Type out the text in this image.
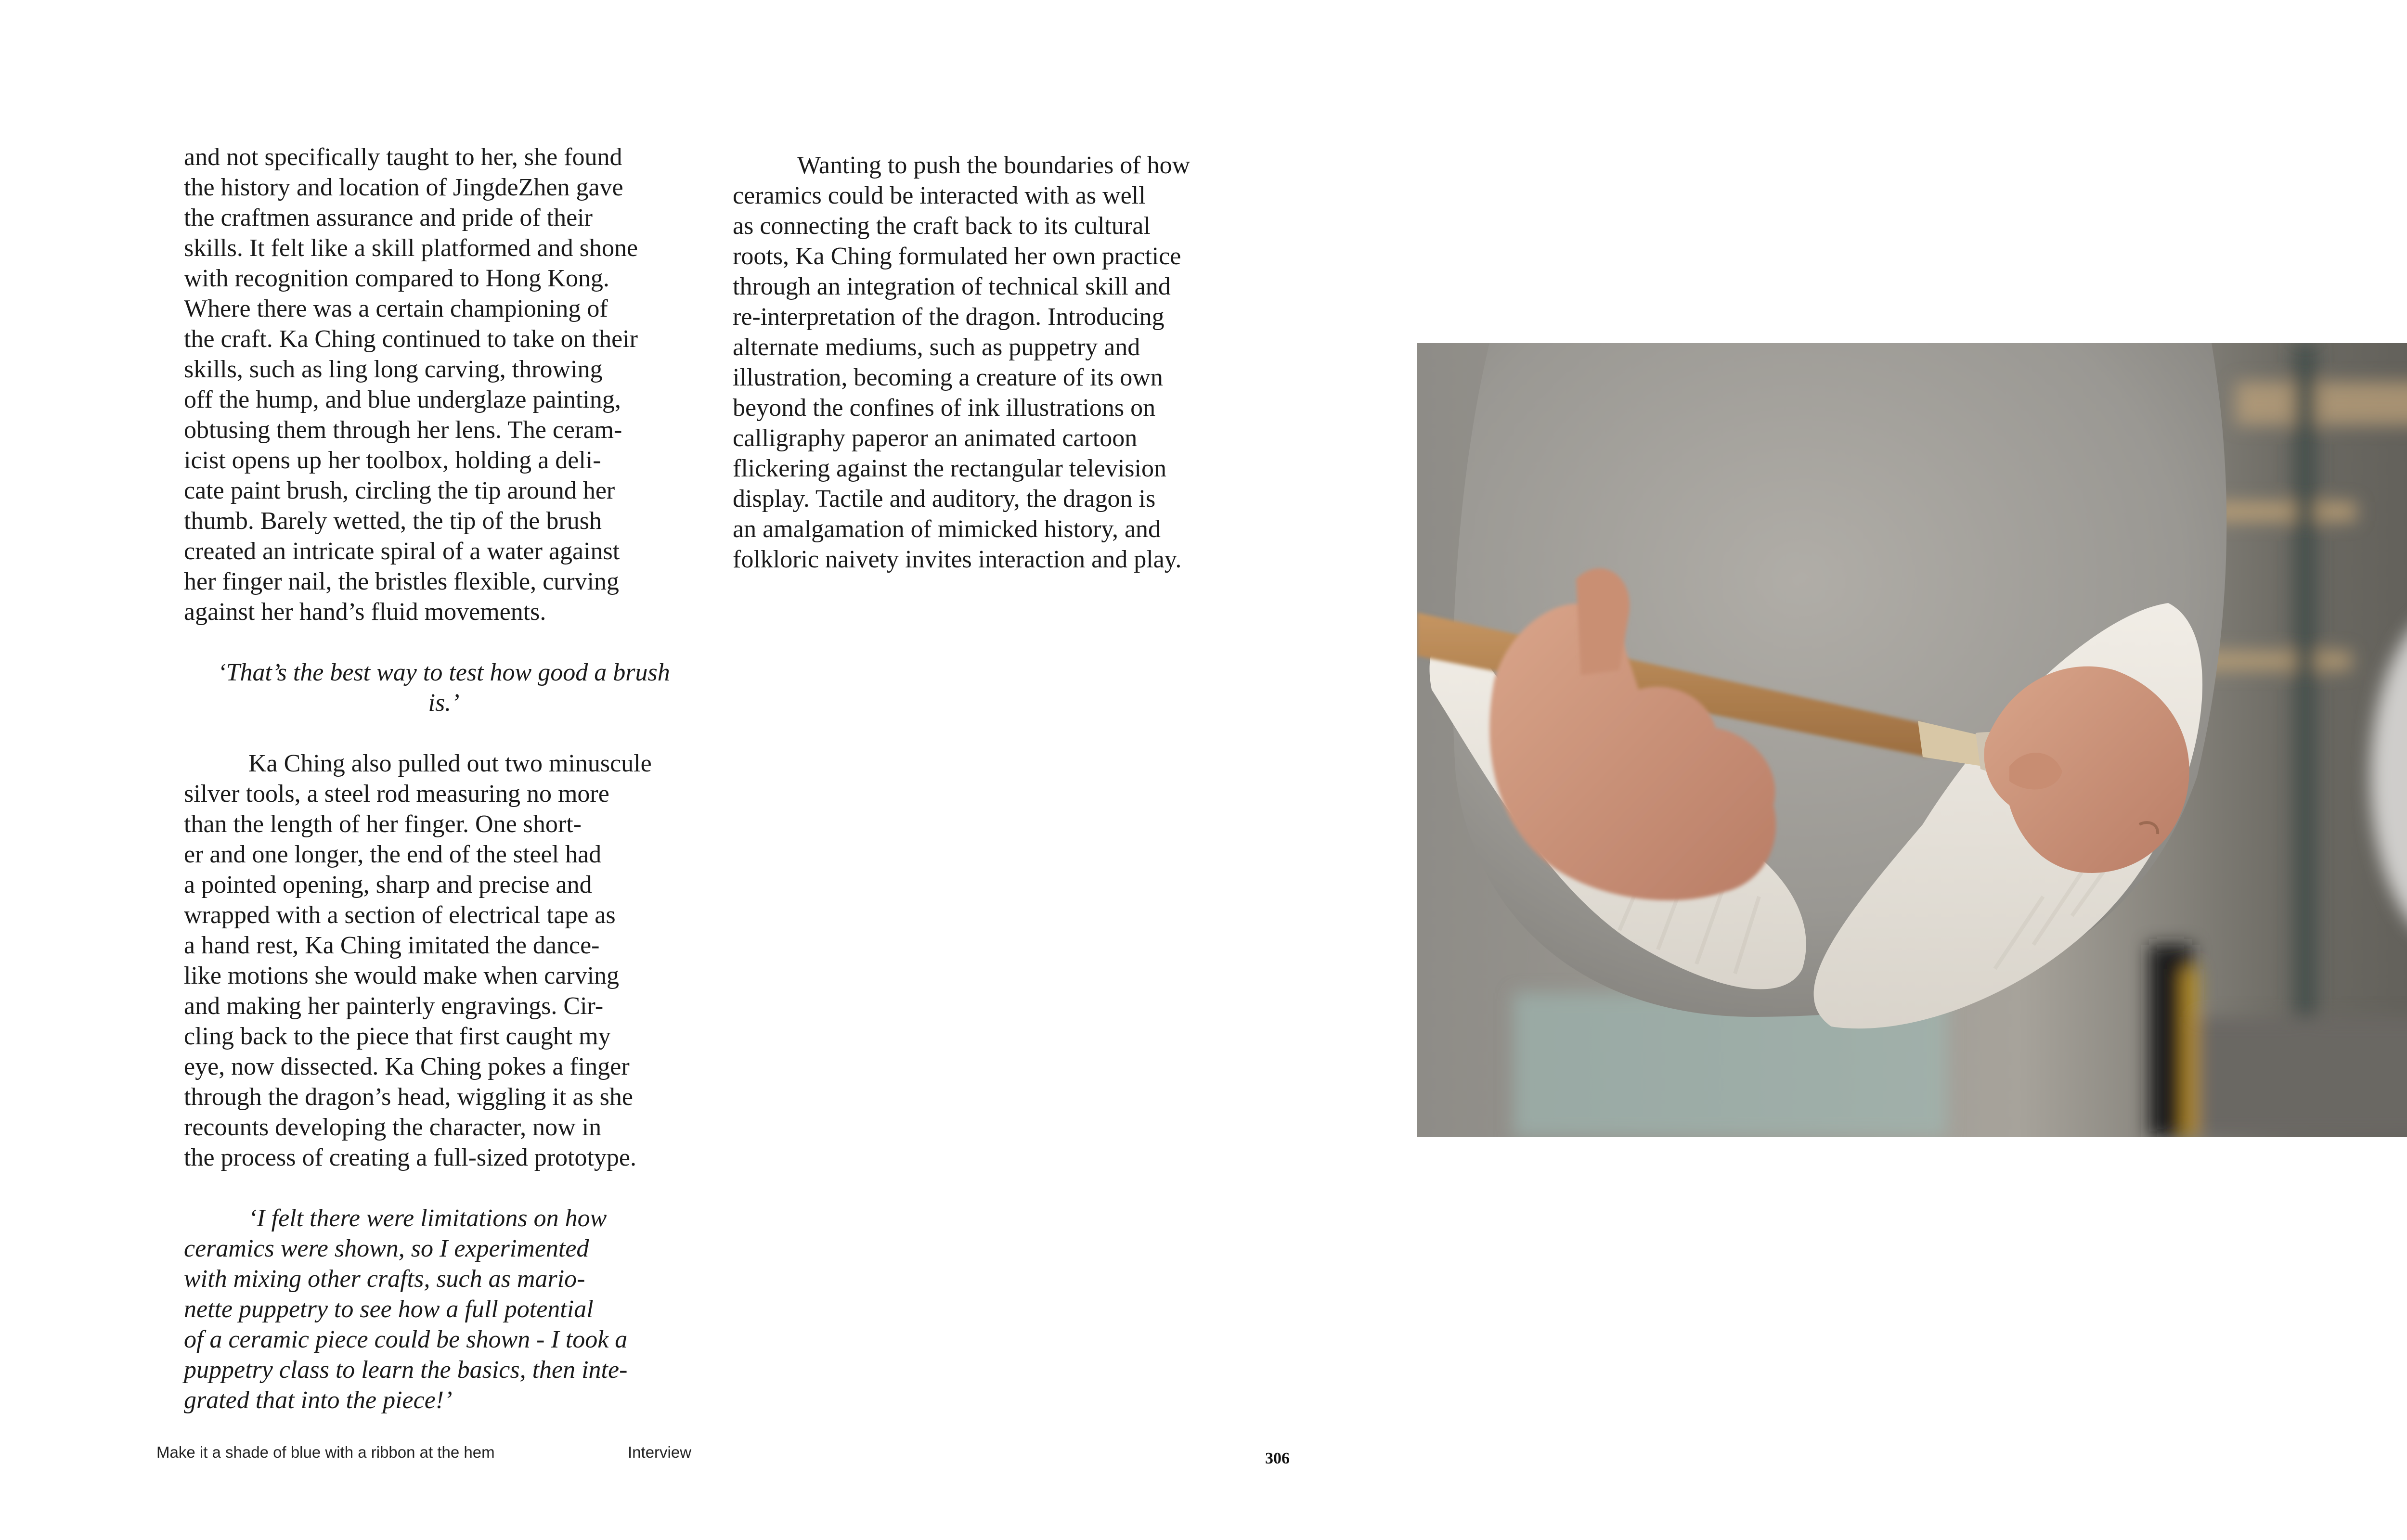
and not specifically taught to her, she found
the history and location of JingdeZhen gave
the craftmen assurance and pride of their
skills. It felt like a skill platformed and shone
with recognition compared to Hong Kong.
Where there was a certain championing of
the craft. Ka Ching continued to take on their
skills, such as ling long carving, throwing
off the hump, and blue underglaze painting,
obtusing them through her lens. The ceram-
icist opens up her toolbox, holding a deli-
cate paint brush, circling the tip around her
thumb. Barely wetted, the tip of the brush
created an intricate spiral of a water against
her finger nail, the bristles flexible, curving
against her hand’s fluid movements.

‘That’s the best way to test how good a brush
is.’

Ka Ching also pulled out two minuscule
silver tools, a steel rod measuring no more
than the length of her finger. One short-
er and one longer, the end of the steel had
a pointed opening, sharp and precise and
wrapped with a section of electrical tape as
a hand rest, Ka Ching imitated the dance-
like motions she would make when carving
and making her painterly engravings. Cir-
cling back to the piece that first caught my
eye, now dissected. Ka Ching pokes a finger
through the dragon’s head, wiggling it as she
recounts developing the character, now in
the process of creating a full-sized prototype.

‘I felt there were limitations on how
ceramics were shown, so I experimented
with mixing other crafts, such as mario-
nette puppetry to see how a full potential
of a ceramic piece could be shown - I took a
puppetry class to learn the basics, then inte-
grated that into the piece!’

Wanting to push the boundaries of how
ceramics could be interacted with as well
as connecting the craft back to its cultural
roots, Ka Ching formulated her own practice
through an integration of technical skill and
re-interpretation of the dragon. Introducing
alternate mediums, such as puppetry and
illustration, becoming a creature of its own
beyond the confines of ink illustrations on
calligraphy paperor an animated cartoon
flickering against the rectangular television
display. Tactile and auditory, the dragon is
an amalgamation of mimicked history, and
folkloric naivety invites interaction and play.

Make it a shade of blue with a ribbon at the hem	Interview	306
